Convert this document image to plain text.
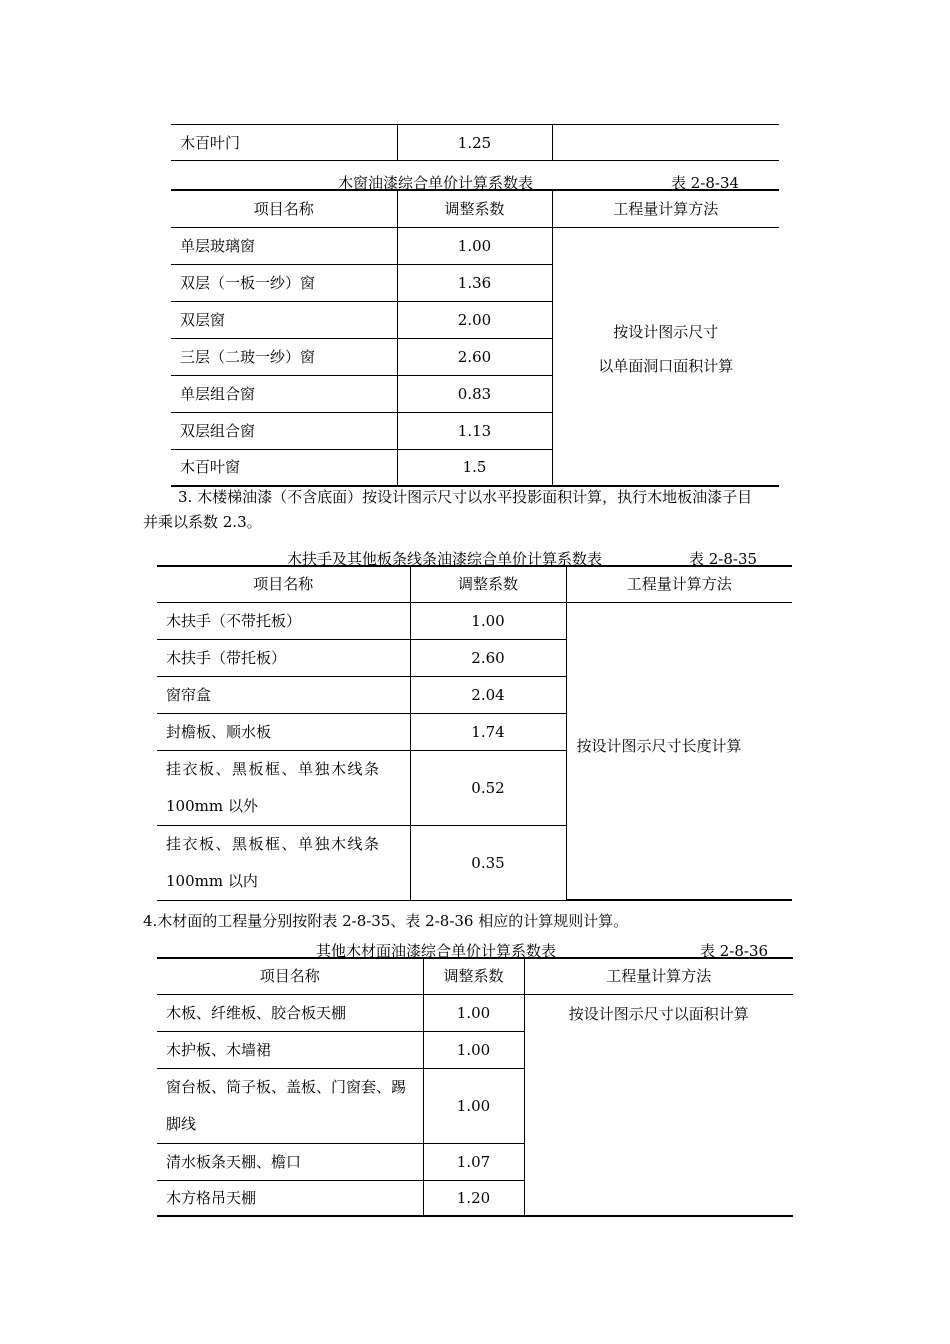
木百叶门	1.25	
木窗油漆综合单价计算系数表	表 2-8-34
项目名称	调整系数	工程量计算方法
单层玻璃窗	1.00	按设计图示尺寸
以单面洞口面积计算

双层（一板一纱）窗	1.36	
双层窗	2.00	
三层（二玻一纱）窗	2.60	
单层组合窗	0.83	
双层组合窗	1.13	
木百叶窗	1.5	
3. 木楼梯油漆（不含底面）按设计图示尺寸以水平投影面积计算，执行木地板油漆子目
并乘以系数 2.3。
木扶手及其他板条线条油漆综合单价计算系数表	表 2-8-35
项目名称	调整系数	工程量计算方法
木扶手（不带托板）	1.00	按设计图示尺寸长度计算

木扶手（带托板）	2.60	
窗帘盒	2.04	
封檐板、顺水板	1.74	

挂衣板、黑板框、单独木线条
100mm 以外	0.52	

挂衣板、黑板框、单独木线条
100mm 以内	0.35	
4.木材面的工程量分别按附表 2-8-35、表 2-8-36 相应的计算规则计算。
其他木材面油漆综合单价计算系数表	表 2-8-36
项目名称	调整系数	工程量计算方法
木板、纤维板、胶合板天棚	1.00	按设计图示尺寸以面积计算

木护板、木墙裙	1.00	

窗台板、筒子板、盖板、门窗套、踢
脚线	1.00	
清水板条天棚、檐口	1.07	
木方格吊天棚	1.20	
